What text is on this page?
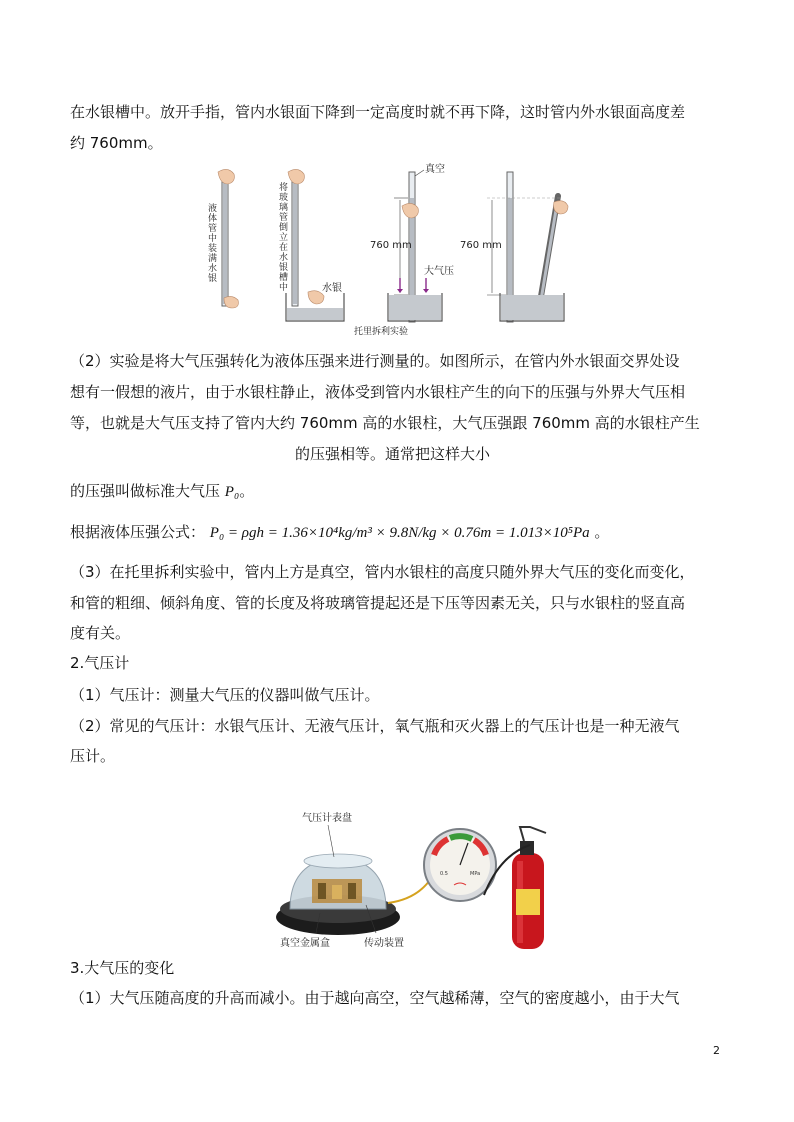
在水银槽中。放开手指，管内水银面下降到一定高度时就不再下降，这时管内外水银面高度差
约 760mm。
液体管中装满水银	将玻璃管倒立在水银槽中	水银
真空
760 mm
大气压
760 mm
托里拆利实验
（2）实验是将大气压强转化为液体压强来进行测量的。如图所示，在管内外水银面交界处设
想有一假想的液片，由于水银柱静止，液体受到管内水银柱产生的向下的压强与外界大气压相
等，也就是大气压支持了管内大约 760mm 高的水银柱，大气压强跟 760mm 高的水银柱产生
的压强相等。通常把这样大小
的压强叫做标准大气压 P₀。
根据液体压强公式： P₀ = ρgh = 1.36×10⁴kg/m³ × 9.8N/kg × 0.76m = 1.013×10⁵Pa 。
（3）在托里拆利实验中，管内上方是真空，管内水银柱的高度只随外界大气压的变化而变化，
和管的粗细、倾斜角度、管的长度及将玻璃管提起还是下压等因素无关，只与水银柱的竖直高
度有关。
2.气压计
（1）气压计：测量大气压的仪器叫做气压计。
（2）常见的气压计：水银气压计、无液气压计，氧气瓶和灭火器上的气压计也是一种无液气
压计。
气压计表盘
真空金属盒	传动装置
0.5	MPa
3.大气压的变化
（1）大气压随高度的升高而减小。由于越向高空，空气越稀薄，空气的密度越小，由于大气
2
